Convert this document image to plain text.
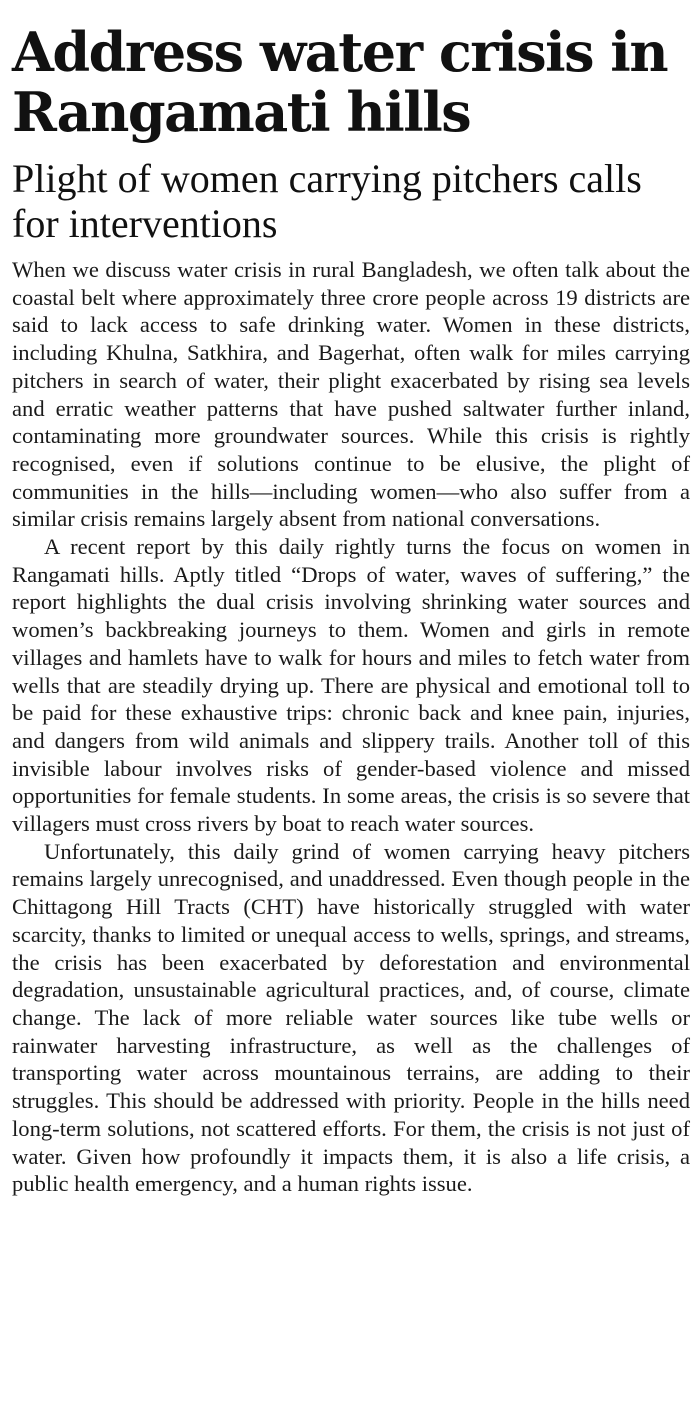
Address water crisis in Rangamati hills
Plight of women carrying pitchers calls for interventions

When we discuss water crisis in rural Bangladesh, we often talk about the coastal belt where approximately three crore people across 19 districts are said to lack access to safe drinking water. Women in these districts, including Khulna, Satkhira, and Bagerhat, often walk for miles carrying pitchers in search of water, their plight exacerbated by rising sea levels and erratic weather patterns that have pushed saltwater further inland, contaminating more groundwater sources. While this crisis is rightly recognised, even if solutions continue to be elusive, the plight of communities in the hills—including women—who also suffer from a similar crisis remains largely absent from national conversations.

A recent report by this daily rightly turns the focus on women in Rangamati hills. Aptly titled “Drops of water, waves of suffering,” the report highlights the dual crisis involving shrinking water sources and women’s backbreaking journeys to them. Women and girls in remote villages and hamlets have to walk for hours and miles to fetch water from wells that are steadily drying up. There are physical and emotional toll to be paid for these exhaustive trips: chronic back and knee pain, injuries, and dangers from wild animals and slippery trails. Another toll of this invisible labour involves risks of gender-based violence and missed opportunities for female students. In some areas, the crisis is so severe that villagers must cross rivers by boat to reach water sources.

Unfortunately, this daily grind of women carrying heavy pitchers remains largely unrecognised, and unaddressed. Even though people in the Chittagong Hill Tracts (CHT) have historically struggled with water scarcity, thanks to limited or unequal access to wells, springs, and streams, the crisis has been exacerbated by deforestation and environmental degradation, unsustainable agricultural practices, and, of course, climate change. The lack of more reliable water sources like tube wells or rainwater harvesting infrastructure, as well as the challenges of transporting water across mountainous terrains, are adding to their struggles. This should be addressed with priority. People in the hills need long-term solutions, not scattered efforts. For them, the crisis is not just of water. Given how profoundly it impacts them, it is also a life crisis, a public health emergency, and a human rights issue.
